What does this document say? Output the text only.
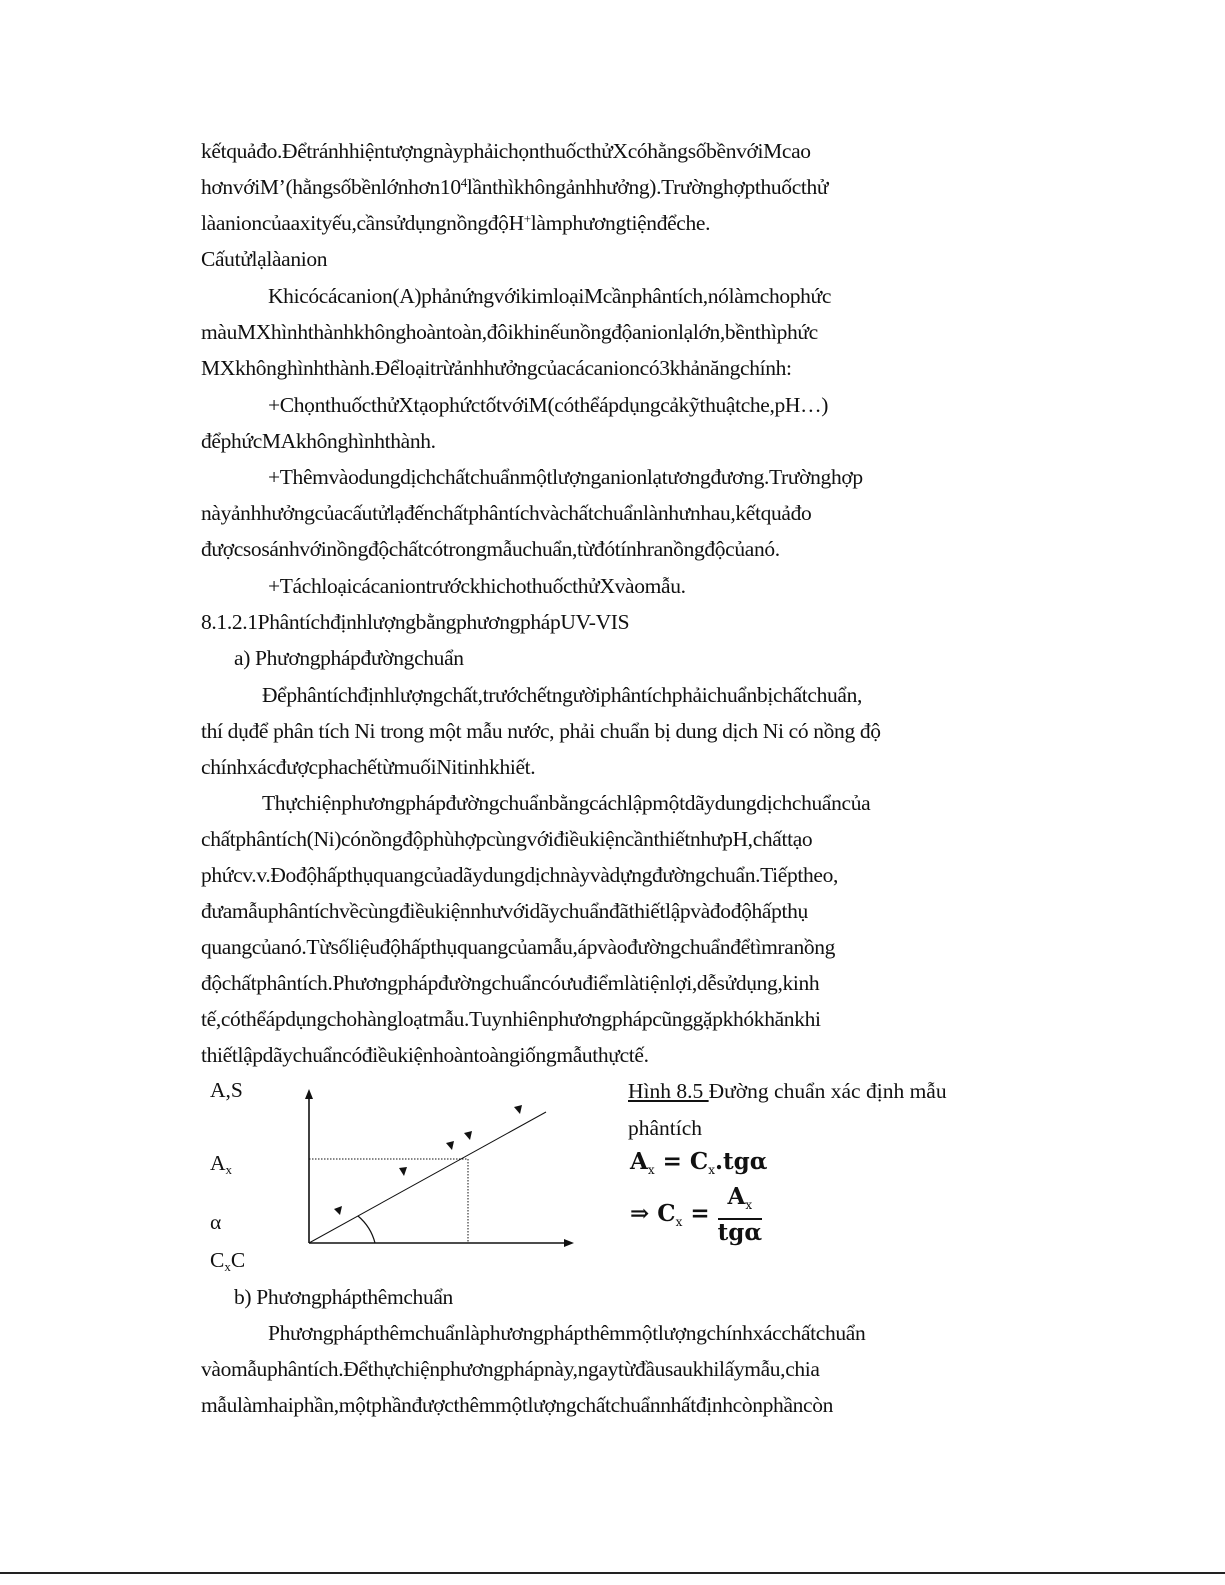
kếtquảđo.ĐểtránhhiệntượngnàyphảichọnthuốcthửXcóhằngsốbềnvớiMcao
$hơnvớiM’(hằngsốbềnlớnhơn10^4lầnthìkhôngảnhhưởng).Trườnghợpthuốcthử$
làanioncủaaxityếu,cầnsửdụngnồngđộH+làmphươngtiệnđểche.
Cấutửlạlàanion
Khicócácanion(A)phảnứngvớikimloạiMcầnphântích,nólàmchophức
màuMXhìnhthànhkhônghoàntoàn,đôikhinếunồngđộanionlạlớn,bềnthìphức
MXkhônghìnhthành.Đểloạitrừảnhhưởngcủacácanioncó3khảnăngchính:
+ChọnthuốcthửXtạophứctốtvớiM(cóthểápdụngcảkỹthuậtche,pH…)
đểphứcMAkhônghìnhthành.
+Thêmvàodungdịchchấtchuẩnmộtlượnganionlạtươngđương.Trườnghợp
nàyảnhhưởngcủacấutửlạđếnchấtphântíchvàchấtchuẩnlànhưnhau,kếtquảđo
đượcsosánhvớinồngđộchấtcótrongmẫuchuẩn,từđótínhranồngđộcủanó.
+TáchloạicácaniontrướckhichothuốcthửXvàomẫu.
8.1.2.1PhântíchđịnhlượngbằngphươngphápUV-VIS
a) Phươngphápđườngchuẩn
Đểphântíchđịnhlượngchất,trướchếtngườiphântíchphảichuẩnbịchấtchuẩn,
thí dụđể phân tích Ni trong một mẫu nước, phải chuẩn bị dung dịch Ni có nồng độ
chínhxácđượcphachếtừmuốiNitinhkhiết.
Thựchiệnphươngphápđườngchuẩnbằngcáchlậpmộtdãydungdịchchuẩncủa
chấtphântích(Ni)cónồngđộphùhợpcùngvớiđiềukiệncầnthiếtnhưpH,chấttạo
phứcv.v.Đođộhấpthụquangcủadãydungdịchnàyvàdựngđườngchuẩn.Tiếptheo,
đưamẫuphântíchvềcùngđiềukiệnnhưvớidãychuẩnđãthiếtlậpvàđođộhấpthụ
quangcủanó.Từsốliệuđộhấpthụquangcủamẫu,ápvàođườngchuẩnđểtìmranồng
độchấtphântích.Phươngphápđườngchuẩncóưuđiểmlàtiệnlợi,dễsửdụng,kinh
tế,cóthểápdụngchohàngloạtmẫu.Tuynhiênphươngphápcũnggặpkhókhănkhi
thiếtlậpdãychuẩncóđiềukiệnhoàntoàngiốngmẫuthựctế.
A,S
$A_x$
α
$C_xC$
Hình 8.5 Đường chuẩn xác định mẫu
phântích
$A_x = C_x.tg\alpha$
⇒ $C_x = \frac{A_x}{\text{tgα}}$
b) Phươngphápthêmchuẩn
Phươngphápthêmchuẩnlàphươngphápthêmmộtlượngchínhxácchấtchuẩn
vàomẫuphântích.Đểthựchiệnphươngphápnày,ngaytừđầusaukhilấymẫu,chia
mẫulàmhaiphần,mộtphầnđượcthêmmộtlượngchấtchuẩnnhấtđịnhcònphầncòn
